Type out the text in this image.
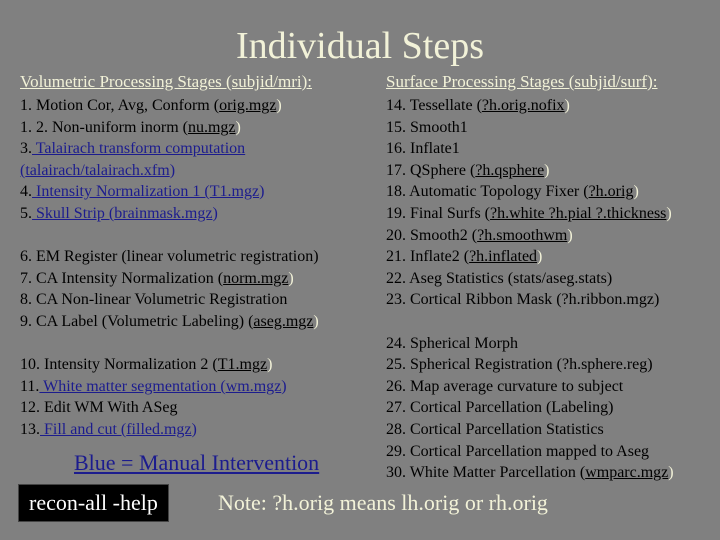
Individual Steps
Volumetric Processing Stages (subjid/mri):	Surface Processing Stages (subjid/surf):
1. Motion Cor, Avg, Conform (orig.mgz)
1. 2. Non-uniform inorm (nu.mgz)
3. Talairach transform computation
(talairach/talairach.xfm)
4. Intensity Normalization 1 (T1.mgz)
5. Skull Strip (brainmask.mgz)
6. EM Register (linear volumetric registration)
7. CA Intensity Normalization (norm.mgz)
8. CA Non-linear Volumetric Registration
9. CA Label (Volumetric Labeling) (aseg.mgz)
10. Intensity Normalization 2 (T1.mgz)
11. White matter segmentation (wm.mgz)
12. Edit WM With ASeg
13. Fill and cut (filled.mgz)
14. Tessellate (?h.orig.nofix)
15. Smooth1
16. Inflate1
17. QSphere (?h.qsphere)
18. Automatic Topology Fixer (?h.orig)
19. Final Surfs (?h.white ?h.pial ?.thickness)
20. Smooth2 (?h.smoothwm)
21. Inflate2 (?h.inflated)
22. Aseg Statistics (stats/aseg.stats)
23. Cortical Ribbon Mask (?h.ribbon.mgz)
24. Spherical Morph
25. Spherical Registration (?h.sphere.reg)
26. Map average curvature to subject
27. Cortical Parcellation (Labeling)
28. Cortical Parcellation Statistics
29. Cortical Parcellation mapped to Aseg
30. White Matter Parcellation (wmparc.mgz)
Blue = Manual Intervention
recon-all -help	Note: ?h.orig means lh.orig or rh.orig
